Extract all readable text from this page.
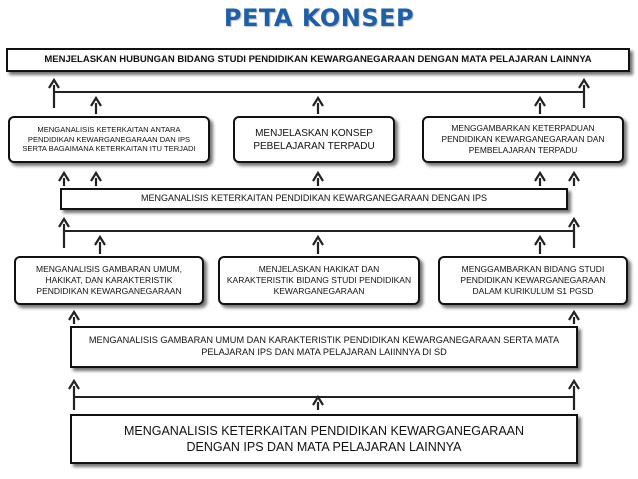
PETA KONSEP
MENJELASKAN HUBUNGAN BIDANG STUDI PENDIDIKAN KEWARGANEGARAAN DENGAN MATA PELAJARAN LAINNYA
MENGANALISIS KETERKAITAN ANTARA PENDIDIKAN KEWARGANEGARAAN DAN IPS SERTA BAGAIMANA KETERKAITAN ITU TERJADI
MENJELASKAN KONSEP PEBELAJARAN TERPADU
MENGGAMBARKAN KETERPADUAN PENDIDIKAN KEWARGANEGARAAN DAN PEMBELAJARAN TERPADU
MENGANALISIS KETERKAITAN PENDIDIKAN KEWARGANEGARAAN DENGAN IPS
MENGANALISIS GAMBARAN UMUM, HAKIKAT, DAN KARAKTERISTIK PENDIDIKAN KEWARGANEGARAAN
MENJELASKAN HAKIKAT DAN KARAKTERISTIK BIDANG STUDI PENDIDIKAN KEWARGANEGARAAN
MENGGAMBARKAN BIDANG STUDI PENDIDIKAN KEWARGANEGARAAN DALAM KURIKULUM S1 PGSD
MENGANALISIS GAMBARAN UMUM DAN KARAKTERISTIK PENDIDIKAN KEWARGANEGARAAN SERTA MATA PELAJARAN IPS DAN MATA PELAJARAN LAIINNYA DI SD
MENGANALISIS KETERKAITAN PENDIDIKAN KEWARGANEGARAAN DENGAN IPS DAN MATA PELAJARAN LAINNYA
